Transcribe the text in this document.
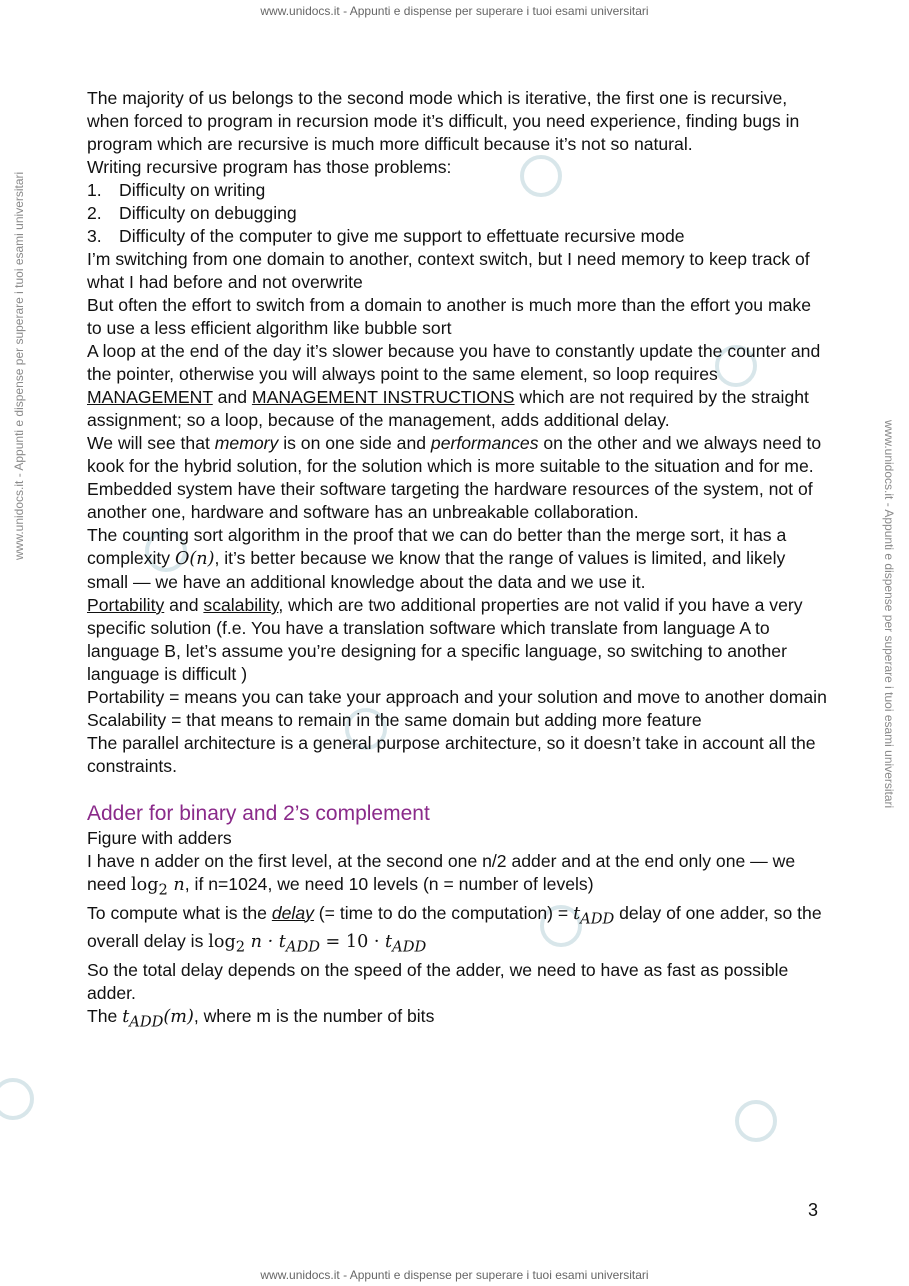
www.unidocs.it - Appunti e dispense per superare i tuoi esami universitari
www.unidocs.it - Appunti e dispense per superare i tuoi esami universitari
www.unidocs.it - Appunti e dispense per superare i tuoi esami universitari

The majority of us belongs to the second mode which is iterative, the first one is recursive, when forced to program in recursion mode it’s difficult, you need experience, finding bugs in program which are recursive is much more difficult because it’s not so natural.

Writing recursive program has those problems:

1. Difficulty on writing
2. Difficulty on debugging
3. Difficulty of the computer to give me support to effettuate recursive mode

I’m switching from one domain to another, context switch, but I need memory to keep track of what I had before and not overwrite

But often the effort to switch from a domain to another is much more than the effort you make to use a less efficient algorithm like bubble sort

A loop at the end of the day it’s slower because you have to constantly update the counter and the pointer, otherwise you will always point to the same element, so loop requires MANAGEMENT and MANAGEMENT INSTRUCTIONS which are not required by the straight assignment; so a loop, because of the management, adds additional delay.

We will see that memory is on one side and performances on the other and we always need to kook for the hybrid solution, for the solution which is more suitable to the situation and for me.

Embedded system have their software targeting the hardware resources of the system, not of another one, hardware and software has an unbreakable collaboration.

The counting sort algorithm in the proof that we can do better than the merge sort, it has a complexity O(n), it’s better because we know that the range of values is limited, and likely small — we have an additional knowledge about the data and we use it.

Portability and scalability, which are two additional properties are not valid if you have a very specific solution (f.e. You have a translation software which translate from language A to language B, let’s assume you’re designing for a specific language, so switching to another language is difficult )

Portability = means you can take your approach and your solution and move to another domain

Scalability = that means to remain in the same domain but adding more feature

The parallel architecture is a general purpose architecture, so it doesn’t take in account all the constraints.

Adder for binary and 2’s complement

Figure with adders

I have n adder on the first level, at the second one n/2 adder and at the end only one — we need $\log_2 n$, if n=1024, we need 10 levels (n = number of levels)

To compute what is the delay (= time to do the computation) = $t_{ADD}$ delay of one adder, so the overall delay is $\log_2 n \cdot t_{ADD} = 10 \cdot t_{ADD}$

So the total delay depends on the speed of the adder, we need to have as fast as possible adder.

The $t_{ADD}(m)$, where m is the number of bits

3
www.unidocs.it - Appunti e dispense per superare i tuoi esami universitari
